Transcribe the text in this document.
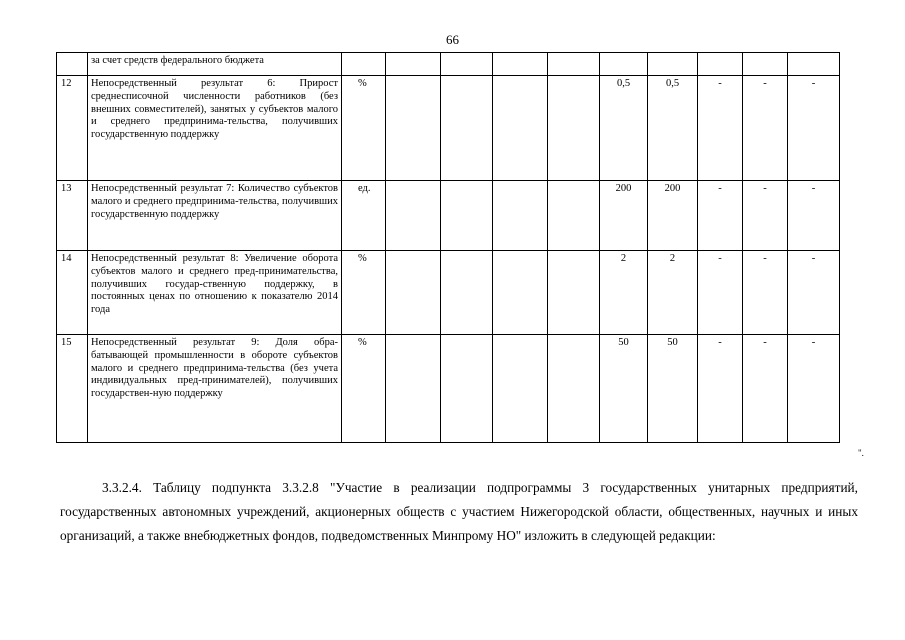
66
	за счет средств федерального бюджета										
12	Непосредственный результат 6: Прирост среднесписочной численности работников (без внешних совместителей), занятых у субъектов малого и среднего предпринима-тельства, получивших государственную поддержку	%					0,5	0,5	-	-	-
13	Непосредственный результат 7: Количество субъектов малого и среднего предпринима-тельства, получивших государственную поддержку	ед.					200	200	-	-	-
14	Непосредственный результат 8: Увеличение оборота субъектов малого и среднего пред-принимательства, получивших государ-ственную поддержку, в постоянных ценах по отношению к показателю 2014 года	%					2	2	-	-	-
15	Непосредственный результат 9: Доля обра-батывающей промышленности в обороте субъектов малого и среднего предпринима-тельства (без учета индивидуальных пред-принимателей), получивших государствен-ную поддержку	%					50	50	-	-	-
".

3.3.2.4. Таблицу подпункта 3.3.2.8 "Участие в реализации подпрограммы 3 государственных унитарных предприятий, государственных автономных учреждений, акционерных обществ с участием Нижегородской области, общественных, научных и иных организаций, а также внебюджетных фондов, подведомственных Минпрому НО" изложить в следующей редакции:
